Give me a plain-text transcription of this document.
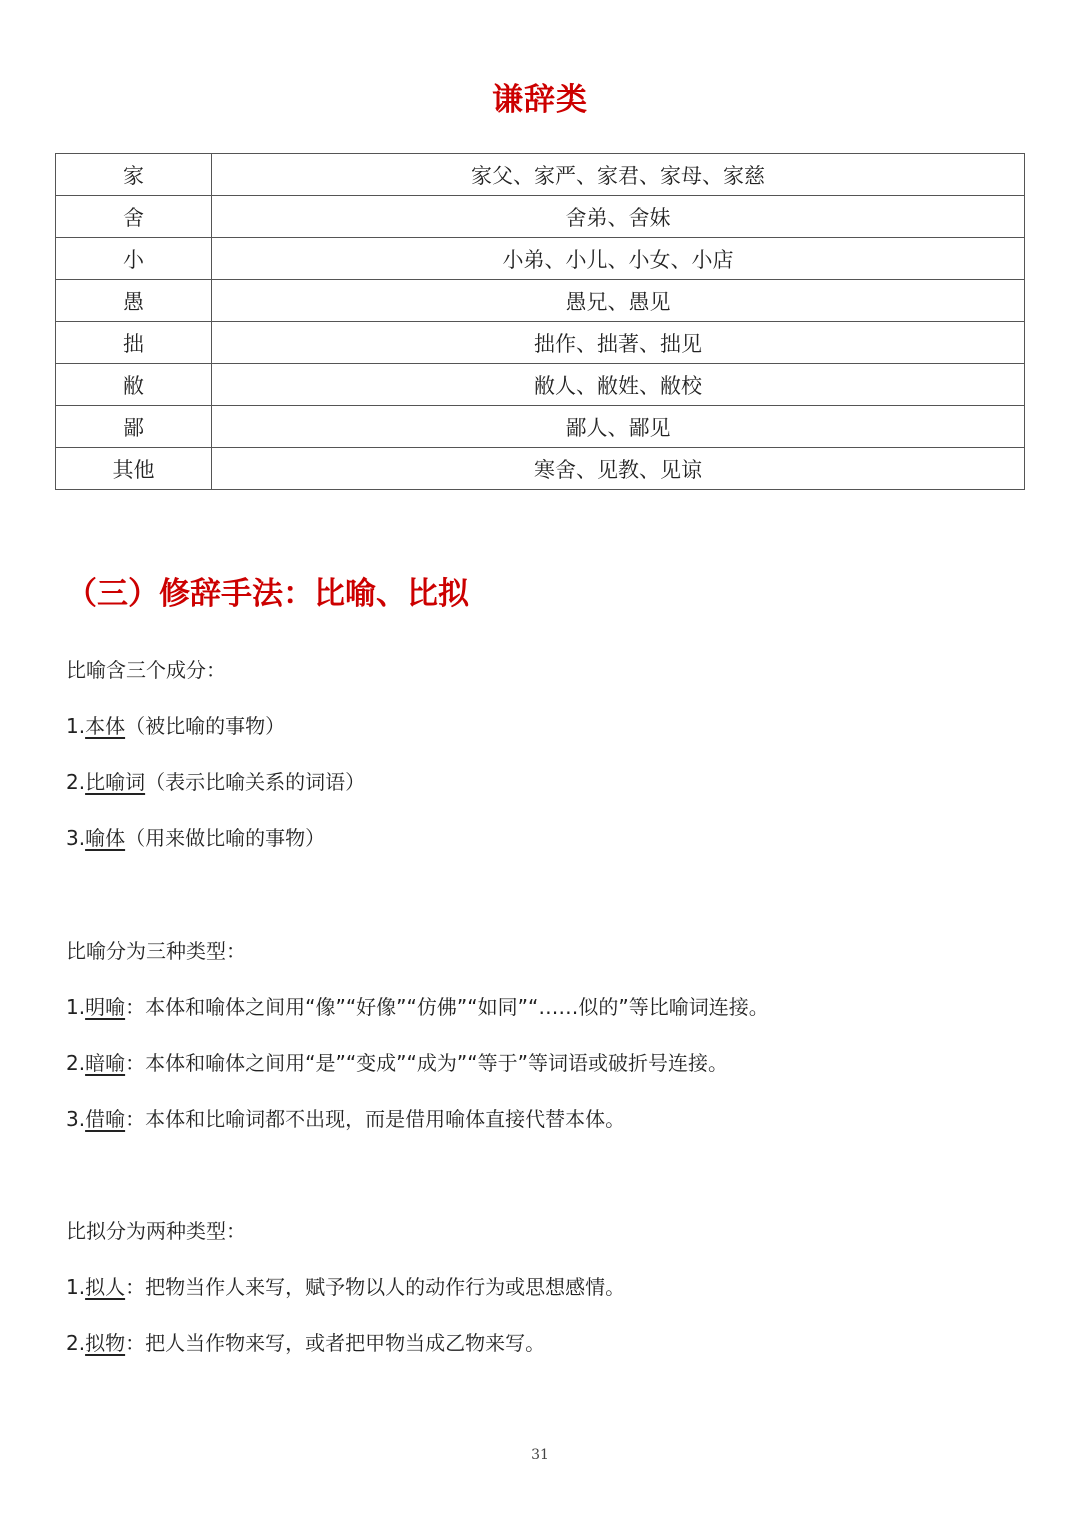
谦辞类
家	家父、家严、家君、家母、家慈
舍	舍弟、舍妹
小	小弟、小儿、小女、小店
愚	愚兄、愚见
拙	拙作、拙著、拙见
敝	敝人、敝姓、敝校
鄙	鄙人、鄙见
其他	寒舍、见教、见谅
（三）修辞手法：比喻、比拟
比喻含三个成分：
1.本体（被比喻的事物）
2.比喻词（表示比喻关系的词语）
3.喻体（用来做比喻的事物）
比喻分为三种类型：
1.明喻：本体和喻体之间用“像”“好像”“仿佛”“如同”“……似的”等比喻词连接。
2.暗喻：本体和喻体之间用“是”“变成”“成为”“等于”等词语或破折号连接。
3.借喻：本体和比喻词都不出现，而是借用喻体直接代替本体。
比拟分为两种类型：
1.拟人：把物当作人来写，赋予物以人的动作行为或思想感情。
2.拟物：把人当作物来写，或者把甲物当成乙物来写。
31
